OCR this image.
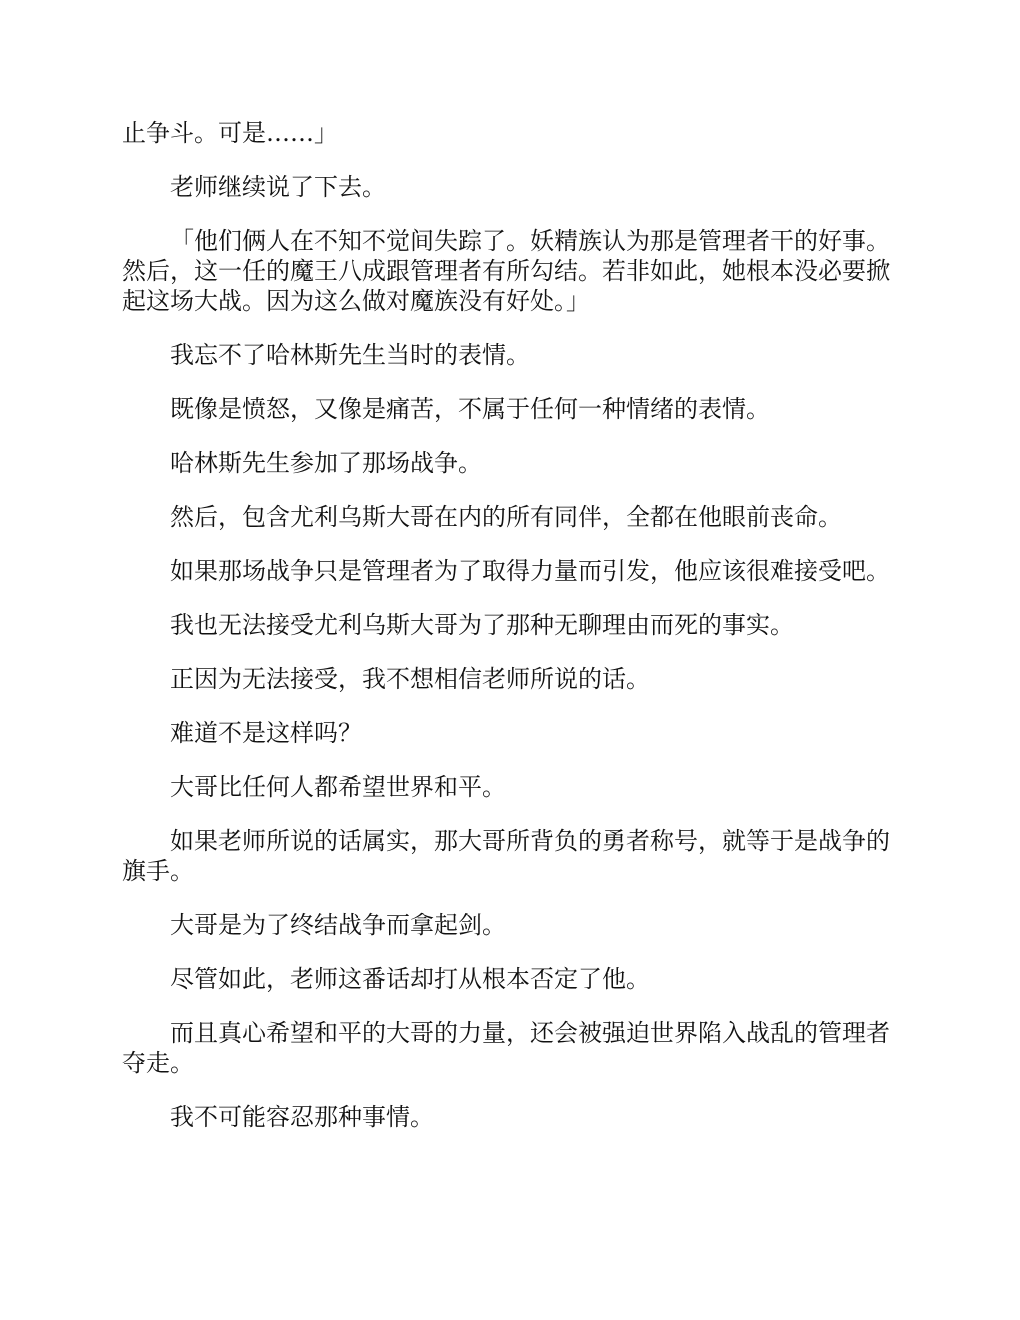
止争斗。可是……」

老师继续说了下去。

「他们俩人在不知不觉间失踪了。妖精族认为那是管理者干的好事。然后，这一任的魔王八成跟管理者有所勾结。若非如此，她根本没必要掀起这场大战。因为这么做对魔族没有好处。」

我忘不了哈林斯先生当时的表情。

既像是愤怒，又像是痛苦，不属于任何一种情绪的表情。

哈林斯先生参加了那场战争。

然后，包含尤利乌斯大哥在内的所有同伴，全都在他眼前丧命。

如果那场战争只是管理者为了取得力量而引发，他应该很难接受吧。

我也无法接受尤利乌斯大哥为了那种无聊理由而死的事实。

正因为无法接受，我不想相信老师所说的话。

难道不是这样吗？

大哥比任何人都希望世界和平。

如果老师所说的话属实，那大哥所背负的勇者称号，就等于是战争的旗手。

大哥是为了终结战争而拿起剑。

尽管如此，老师这番话却打从根本否定了他。

而且真心希望和平的大哥的力量，还会被强迫世界陷入战乱的管理者夺走。

我不可能容忍那种事情。
